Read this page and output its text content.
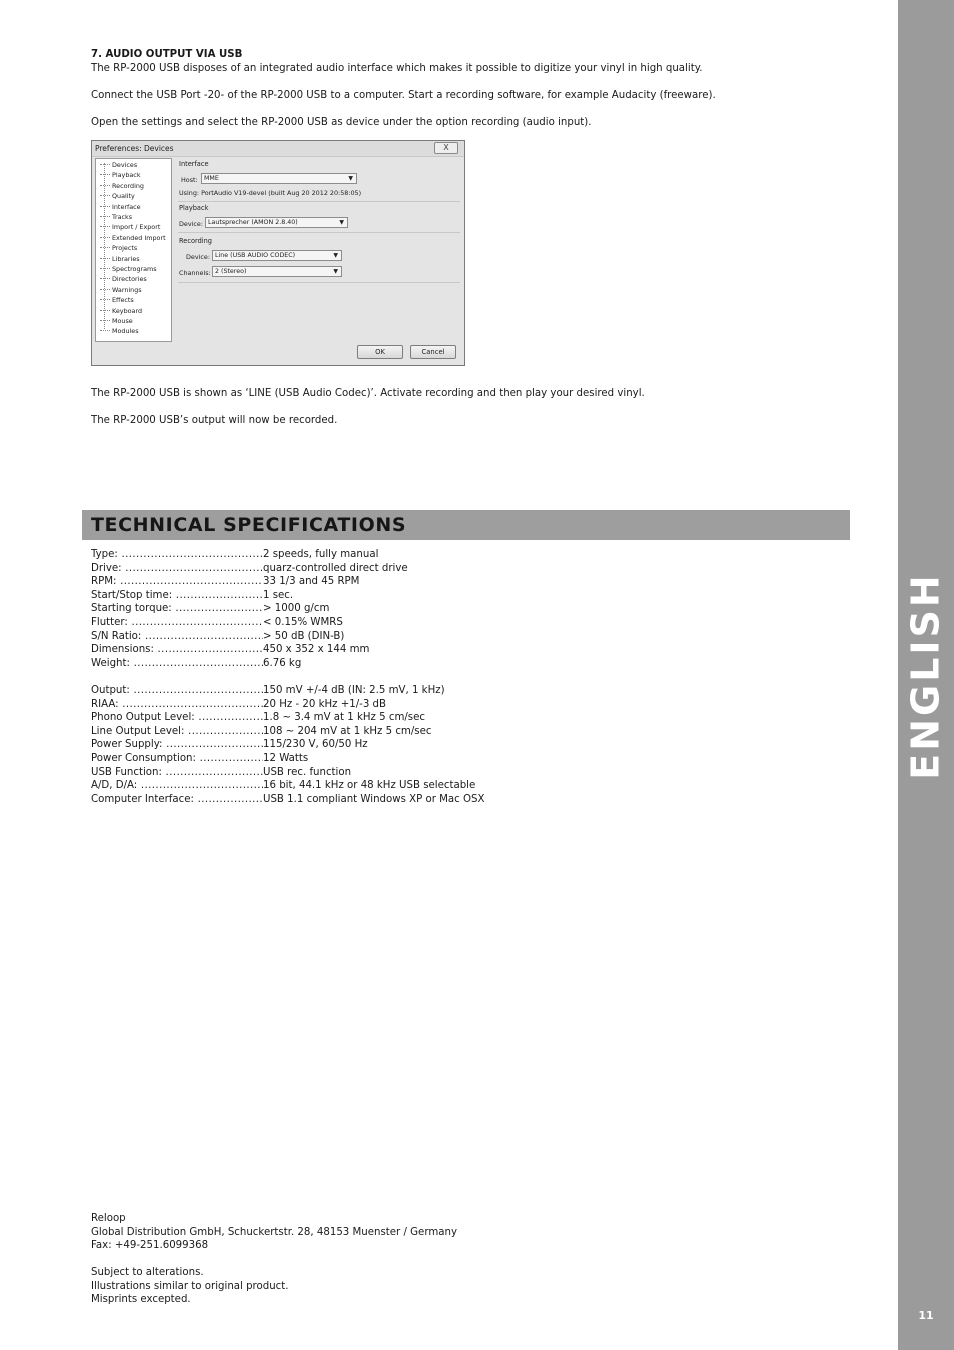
ENGLISH
11
7. AUDIO OUTPUT VIA USB
The RP-2000 USB disposes of an integrated audio interface which makes it possible to digitize your vinyl in high quality.
Connect the USB Port -20- of the RP-2000 USB to a computer. Start a recording software, for example Audacity (freeware).
Open the settings and select the RP-2000 USB as device under the option recording (audio input).
Preferences: Devices	X
Devices
Playback
Recording
Quality
Interface
Tracks
Import / Export
Extended Import
Projects
Libraries
Spectrograms
Directories
Warnings
Effects
Keyboard
Mouse
Modules
Interface
Host: MME	▼
Using: PortAudio V19-devel (built Aug 20 2012 20:58:05)
Playback
Device: Lautsprecher (AMON 2.8.40)	▼
Recording
Device: Line (USB AUDIO CODEC)	▼
Channels: 2 (Stereo)	▼
OK	Cancel
The RP-2000 USB is shown as ‘LINE (USB Audio Codec)’. Activate recording and then play your desired vinyl.
The RP-2000 USB’s output will now be recorded.
TECHNICAL SPECIFICATIONS
Type: .....	2 speeds, fully manual
Drive: .....	quarz-controlled direct drive
RPM: .....	33 1/3 and 45 RPM
Start/Stop time: .....	1 sec.
Starting torque: .....	> 1000 g/cm
Flutter: .....	< 0.15% WMRS
S/N Ratio: .....	> 50 dB (DIN-B)
Dimensions: .....	450 x 352 x 144 mm
Weight: .....	6.76 kg
Output: .....	150 mV +/-4 dB (IN: 2.5 mV, 1 kHz)
RIAA: .....	20 Hz - 20 kHz +1/-3 dB
Phono Output Level: .....	1.8 ~ 3.4 mV at 1 kHz 5 cm/sec
Line Output Level: .....	108 ~ 204 mV at 1 kHz 5 cm/sec
Power Supply: .....	115/230 V, 60/50 Hz
Power Consumption: .....	12 Watts
USB Function: .....	USB rec. function
A/D, D/A: .....	16 bit, 44.1 kHz or 48 kHz USB selectable
Computer Interface: .....	USB 1.1 compliant Windows XP or Mac OSX
Reloop
Global Distribution GmbH, Schuckertstr. 28, 48153 Muenster / Germany
Fax: +49-251.6099368
Subject to alterations.
Illustrations similar to original product.
Misprints excepted.
